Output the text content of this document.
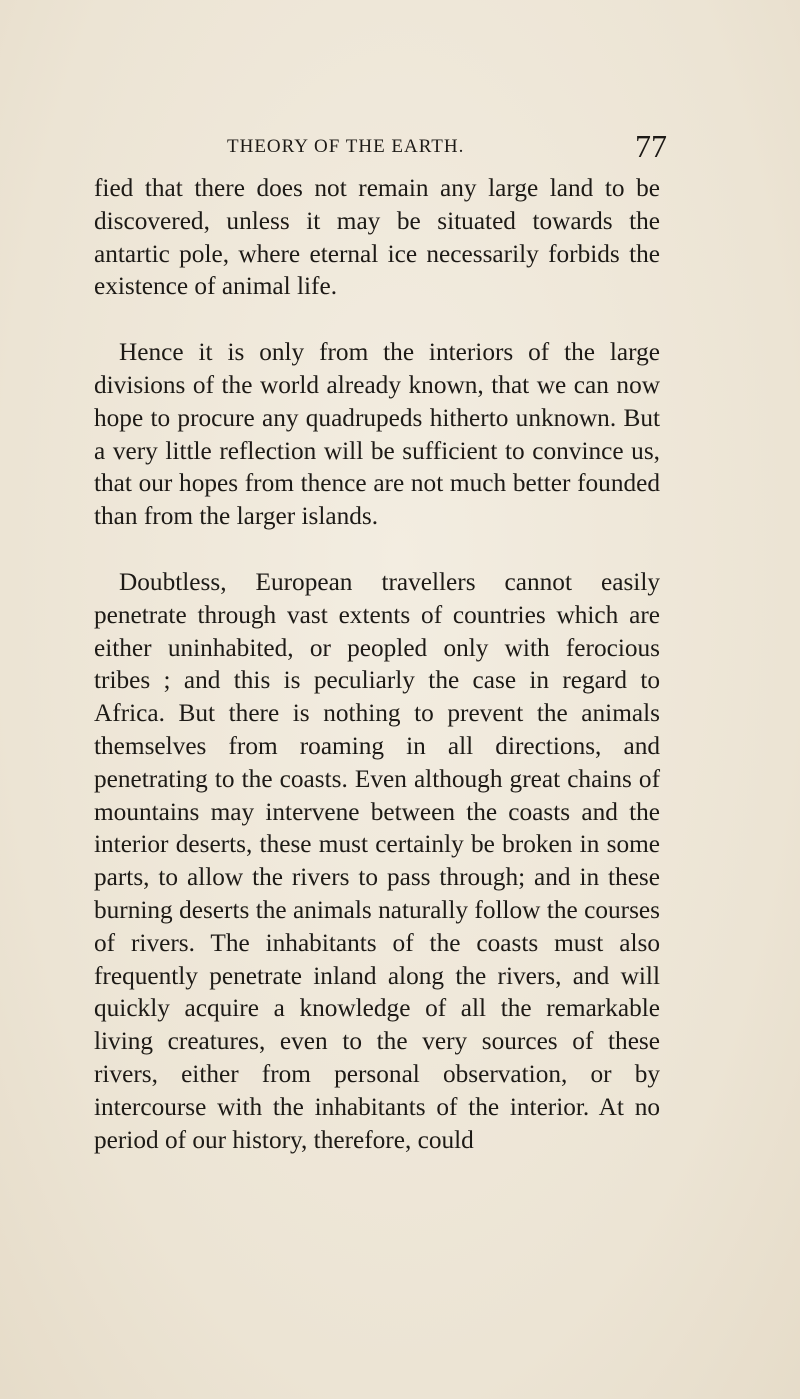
THEORY OF THE EARTH.	77

fied that there does not remain any large land to be discovered, unless it may be situated towards the antartic pole, where eternal ice necessarily forbids the existence of animal life.

Hence it is only from the interiors of the large divisions of the world already known, that we can now hope to procure any quadrupeds hitherto unknown. But a very little reflection will be sufficient to convince us, that our hopes from thence are not much better founded than from the larger islands.

Doubtless, European travellers cannot easily penetrate through vast extents of countries which are either uninhabited, or peopled only with ferocious tribes ; and this is peculiarly the case in regard to Africa. But there is nothing to prevent the animals themselves from roaming in all directions, and penetrating to the coasts. Even although great chains of mountains may intervene between the coasts and the interior deserts, these must certainly be broken in some parts, to allow the rivers to pass through; and in these burning deserts the animals naturally follow the courses of rivers. The inhabitants of the coasts must also frequently penetrate inland along the rivers, and will quickly acquire a knowledge of all the remarkable living creatures, even to the very sources of these rivers, either from personal observation, or by intercourse with the inhabitants of the interior. At no period of our history, therefore, could
